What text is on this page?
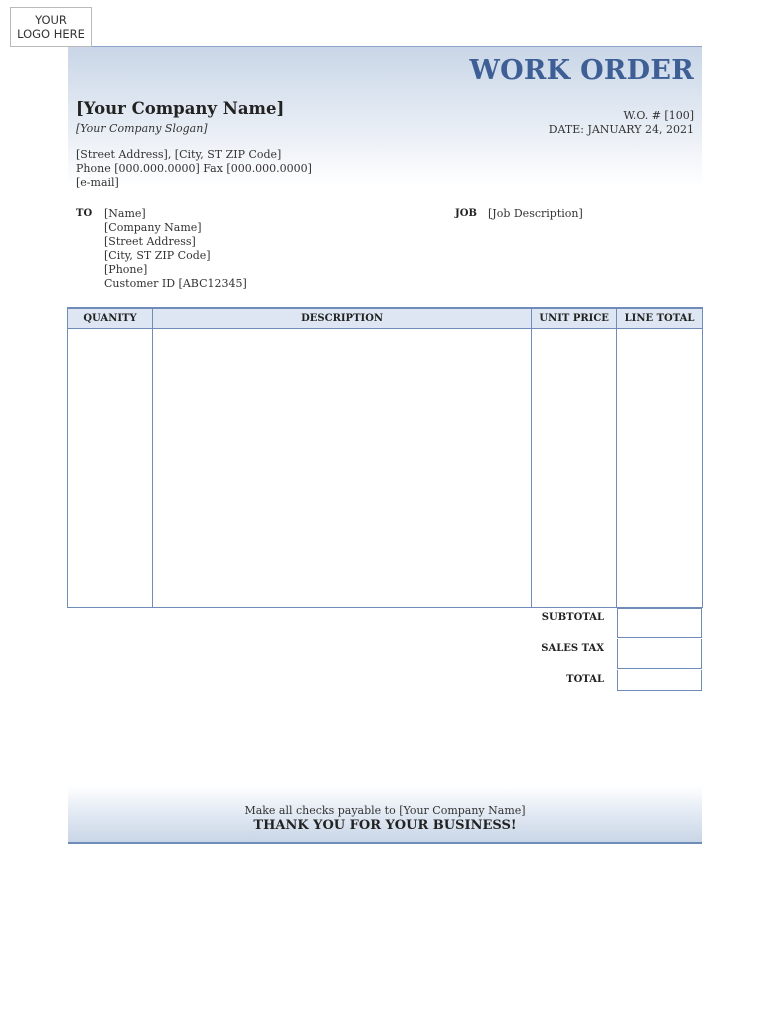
YOUR LOGO HERE
WORK ORDER
[Your Company Name]
[Your Company Slogan]
W.O. # [100]
DATE: JANUARY 24, 2021
[Street Address], [City, ST ZIP Code]
Phone [000.000.0000] Fax [000.000.0000]
[e-mail]
TO [Name]
[Company Name]
[Street Address]
[City, ST ZIP Code]
[Phone]
Customer ID [ABC12345]
JOB [Job Description]
QUANITY	DESCRIPTION	UNIT PRICE	LINE TOTAL

SUBTOTAL
SALES TAX
TOTAL
Make all checks payable to [Your Company Name]
THANK YOU FOR YOUR BUSINESS!
